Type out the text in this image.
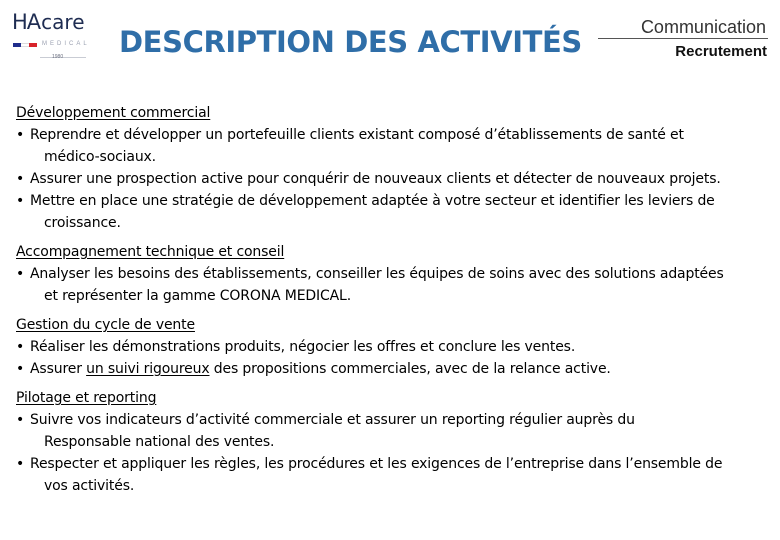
HAcare
MEDICAL
1980 DESCRIPTION DES ACTIVITÉS	Communication
Recrutement
Développement commercial
• Reprendre et développer un portefeuille clients existant composé d’établissements de santé et
médico-sociaux.
• Assurer une prospection active pour conquérir de nouveaux clients et détecter de nouveaux projets.
• Mettre en place une stratégie de développement adaptée à votre secteur et identifier les leviers de
croissance.
Accompagnement technique et conseil
• Analyser les besoins des établissements, conseiller les équipes de soins avec des solutions adaptées
et représenter la gamme CORONA MEDICAL.
Gestion du cycle de vente
• Réaliser les démonstrations produits, négocier les offres et conclure les ventes.
• Assurer un suivi rigoureux des propositions commerciales, avec de la relance active.
Pilotage et reporting
• Suivre vos indicateurs d’activité commerciale et assurer un reporting régulier auprès du
Responsable national des ventes.
• Respecter et appliquer les règles, les procédures et les exigences de l’entreprise dans l’ensemble de
vos activités.
